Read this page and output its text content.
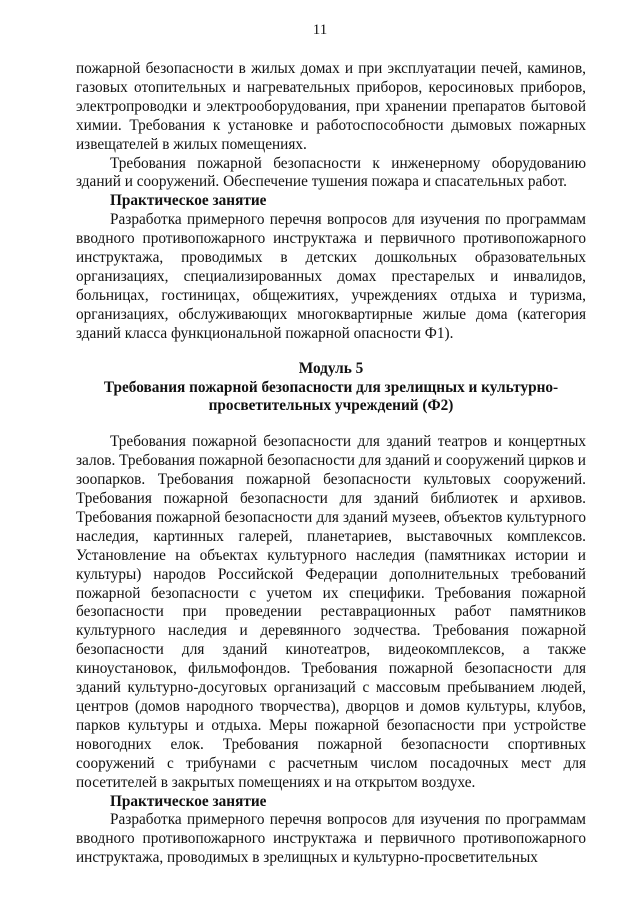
11

пожарной безопасности в жилых домах и при эксплуатации печей, каминов, газовых отопительных и нагревательных приборов, керосиновых приборов, электропроводки и электрооборудования, при хранении препаратов бытовой химии. Требования к установке и работоспособности дымовых пожарных извещателей в жилых помещениях.

Требования пожарной безопасности к инженерному оборудованию зданий и сооружений. Обеспечение тушения пожара и спасательных работ.

Практическое занятие

Разработка примерного перечня вопросов для изучения по программам вводного противопожарного инструктажа и первичного противопожарного инструктажа, проводимых в детских дошкольных образовательных организациях, специализированных домах престарелых и инвалидов, больницах, гостиницах, общежитиях, учреждениях отдыха и туризма, организациях, обслуживающих многоквартирные жилые дома (категория зданий класса функциональной пожарной опасности Ф1).

Модуль 5

Требования пожарной безопасности для зрелищных и культурно-просветительных учреждений (Ф2)

Требования пожарной безопасности для зданий театров и концертных залов. Требования пожарной безопасности для зданий и сооружений цирков и зоопарков. Требования пожарной безопасности культовых сооружений. Требования пожарной безопасности для зданий библиотек и архивов. Требования пожарной безопасности для зданий музеев, объектов культурного наследия, картинных галерей, планетариев, выставочных комплексов. Установление на объектах культурного наследия (памятниках истории и культуры) народов Российской Федерации дополнительных требований пожарной безопасности с учетом их специфики. Требования пожарной безопасности при проведении реставрационных работ памятников культурного наследия и деревянного зодчества. Требования пожарной безопасности для зданий кинотеатров, видеокомплексов, а также киноустановок, фильмофондов. Требования пожарной безопасности для зданий культурно-досуговых организаций с массовым пребыванием людей, центров (домов народного творчества), дворцов и домов культуры, клубов, парков культуры и отдыха. Меры пожарной безопасности при устройстве новогодних елок. Требования пожарной безопасности спортивных сооружений с трибунами с расчетным числом посадочных мест для посетителей в закрытых помещениях и на открытом воздухе.

Практическое занятие

Разработка примерного перечня вопросов для изучения по программам вводного противопожарного инструктажа и первичного противопожарного инструктажа, проводимых в зрелищных и культурно-просветительных
